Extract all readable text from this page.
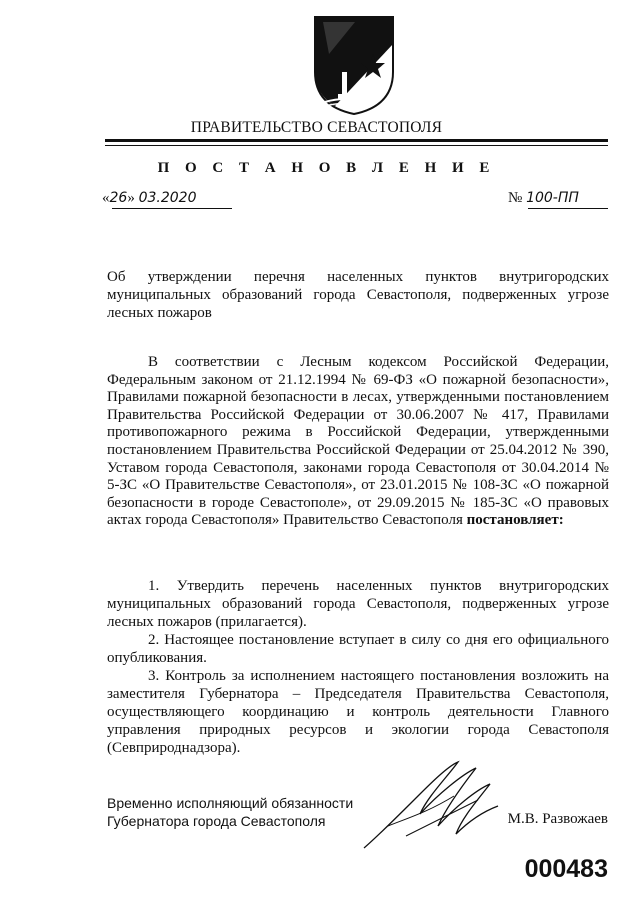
ПРАВИТЕЛЬСТВО СЕВАСТОПОЛЯ
П О С Т А Н О В Л Е Н И Е
«26» 03.2020	№ 100-ПП
Об утверждении перечня населенных пунктов внутригородских муниципальных образований города Севастополя, подверженных угрозе лесных пожаров
В соответствии с Лесным кодексом Российской Федерации, Федеральным законом от 21.12.1994 № 69-ФЗ «О пожарной безопасности», Правилами пожарной безопасности в лесах, утвержденными постановлением Правительства Российской Федерации от 30.06.2007 № 417, Правилами противопожарного режима в Российской Федерации, утвержденными постановлением Правительства Российской Федерации от 25.04.2012 № 390, Уставом города Севастополя, законами города Севастополя от 30.04.2014 № 5-ЗС «О Правительстве Севастополя», от 23.01.2015 № 108-ЗС «О пожарной безопасности в городе Севастополе», от 29.09.2015 № 185-ЗС «О правовых актах города Севастополя» Правительство Севастополя постановляет:

1. Утвердить перечень населенных пунктов внутригородских муниципальных образований города Севастополя, подверженных угрозе лесных пожаров (прилагается).

2. Настоящее постановление вступает в силу со дня его официального опубликования.

3. Контроль за исполнением настоящего постановления возложить на заместителя Губернатора – Председателя Правительства Севастополя, осуществляющего координацию и контроль деятельности Главного управления природных ресурсов и экологии города Севастополя (Севприроднадзора).

Временно исполняющий обязанности
Губернатора города Севастополя	М.В. Развожаев
000483
